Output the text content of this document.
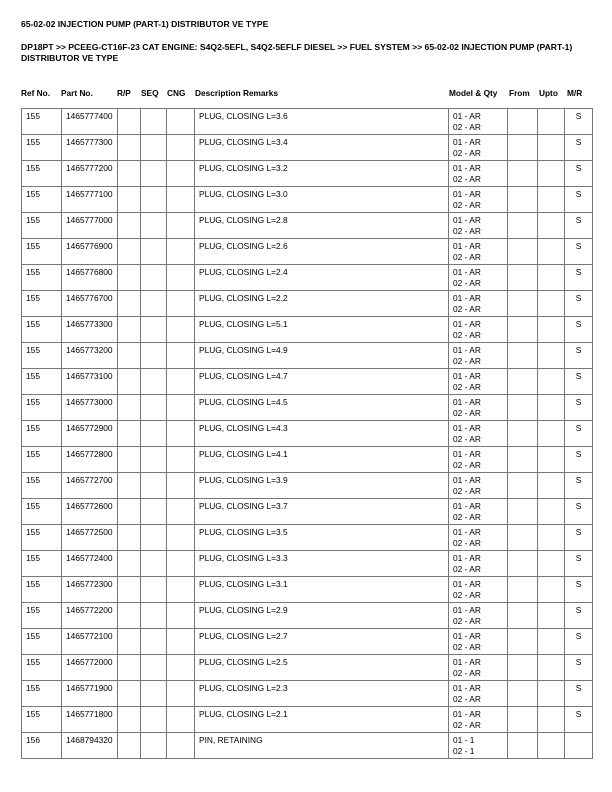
65-02-02 INJECTION PUMP (PART-1) DISTRIBUTOR VE TYPE
DP18PT >> PCEEG-CT16F-23 CAT ENGINE: S4Q2-5EFL, S4Q2-5EFLF DIESEL >> FUEL SYSTEM >> 65-02-02 INJECTION PUMP (PART-1) DISTRIBUTOR VE TYPE
Ref No. Part No.	R/P SEQ CNG Description Remarks	Model & Qty From Upto M/R
155	1465777400				PLUG, CLOSING L=3.6	01 - AR
02 - AR			S

155	1465777300				PLUG, CLOSING L=3.4	01 - AR
02 - AR			S

155	1465777200				PLUG, CLOSING L=3.2	01 - AR
02 - AR			S

155	1465777100				PLUG, CLOSING L=3.0	01 - AR
02 - AR			S

155	1465777000				PLUG, CLOSING L=2.8	01 - AR
02 - AR			S

155	1465776900				PLUG, CLOSING L=2.6	01 - AR
02 - AR			S

155	1465776800				PLUG, CLOSING L=2.4	01 - AR
02 - AR			S

155	1465776700				PLUG, CLOSING L=2.2	01 - AR
02 - AR			S

155	1465773300				PLUG, CLOSING L=5.1	01 - AR
02 - AR			S

155	1465773200				PLUG, CLOSING L=4.9	01 - AR
02 - AR			S

155	1465773100				PLUG, CLOSING L=4.7	01 - AR
02 - AR			S

155	1465773000				PLUG, CLOSING L=4.5	01 - AR
02 - AR			S

155	1465772900				PLUG, CLOSING L=4.3	01 - AR
02 - AR			S

155	1465772800				PLUG, CLOSING L=4.1	01 - AR
02 - AR			S

155	1465772700				PLUG, CLOSING L=3.9	01 - AR
02 - AR			S

155	1465772600				PLUG, CLOSING L=3.7	01 - AR
02 - AR			S

155	1465772500				PLUG, CLOSING L=3.5	01 - AR
02 - AR			S

155	1465772400				PLUG, CLOSING L=3.3	01 - AR
02 - AR			S

155	1465772300				PLUG, CLOSING L=3.1	01 - AR
02 - AR			S

155	1465772200				PLUG, CLOSING L=2.9	01 - AR
02 - AR			S

155	1465772100				PLUG, CLOSING L=2.7	01 - AR
02 - AR			S

155	1465772000				PLUG, CLOSING L=2.5	01 - AR
02 - AR			S

155	1465771900				PLUG, CLOSING L=2.3	01 - AR
02 - AR			S

155	1465771800				PLUG, CLOSING L=2.1	01 - AR
02 - AR			S

156	1468794320				PIN, RETAINING	01 - 1
02 - 1			
